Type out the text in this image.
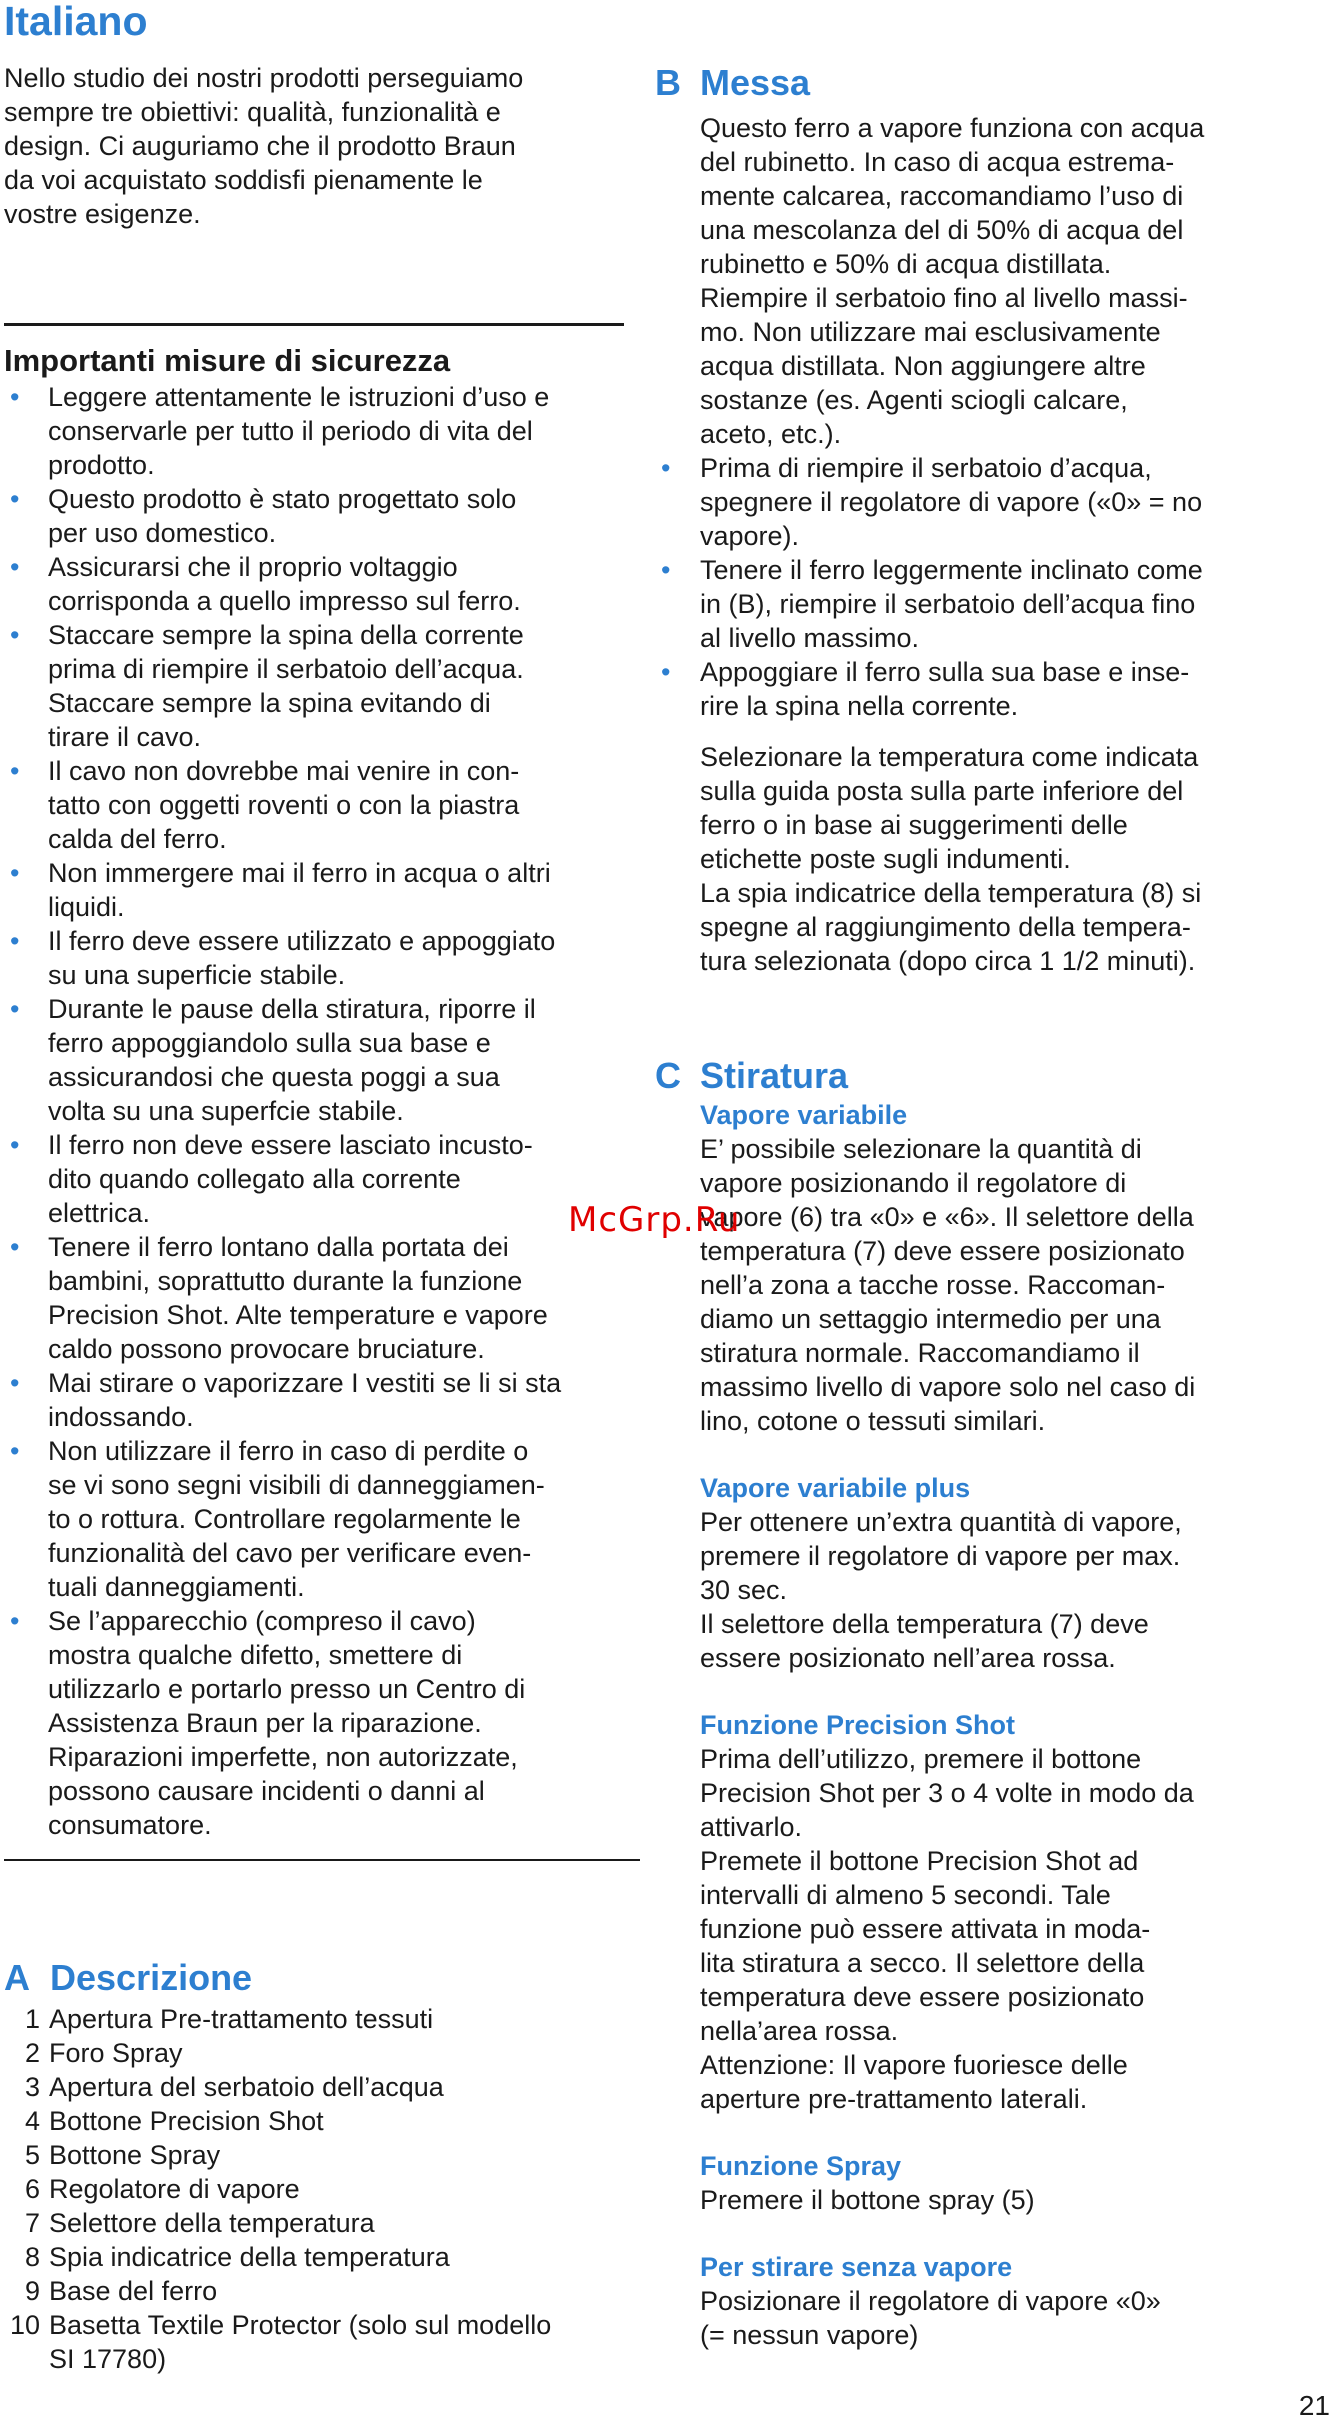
Italiano
Nello studio dei nostri prodotti perseguiamo
sempre tre obiettivi: qualità, funzionalità e
design. Ci auguriamo che il prodotto Braun
da voi acquistato soddisfi pienamente le
vostre esigenze.
Importanti misure di sicurezza
• Leggere attentamente le istruzioni d’uso e
conservarle per tutto il periodo di vita del
prodotto.
• Questo prodotto è stato progettato solo
per uso domestico.
• Assicurarsi che il proprio voltaggio
corrisponda a quello impresso sul ferro.
• Staccare sempre la spina della corrente
prima di riempire il serbatoio dell’acqua.
Staccare sempre la spina evitando di
tirare il cavo.
• Il cavo non dovrebbe mai venire in con-
tatto con oggetti roventi o con la piastra
calda del ferro.
• Non immergere mai il ferro in acqua o altri
liquidi.
• Il ferro deve essere utilizzato e appoggiato
su una superficie stabile.
• Durante le pause della stiratura, riporre il
ferro appoggiandolo sulla sua base e
assicurandosi che questa poggi a sua
volta su una superfcie stabile.
• Il ferro non deve essere lasciato incusto-
dito quando collegato alla corrente
elettrica.
• Tenere il ferro lontano dalla portata dei
bambini, soprattutto durante la funzione
Precision Shot. Alte temperature e vapore
caldo possono provocare bruciature.
• Mai stirare o vaporizzare I vestiti se li si sta
indossando.
• Non utilizzare il ferro in caso di perdite o
se vi sono segni visibili di danneggiamen-
to o rottura. Controllare regolarmente le
funzionalità del cavo per verificare even-
tuali danneggiamenti.
• Se l’apparecchio (compreso il cavo)
mostra qualche difetto, smettere di
utilizzarlo e portarlo presso un Centro di
Assistenza Braun per la riparazione.
Riparazioni imperfette, non autorizzate,
possono causare incidenti o danni al
consumatore.
A Descrizione
1 Apertura Pre-trattamento tessuti
2 Foro Spray
3 Apertura del serbatoio dell’acqua
4 Bottone Precision Shot
5 Bottone Spray
6 Regolatore di vapore
7 Selettore della temperatura
8 Spia indicatrice della temperatura
9 Base del ferro
10 Basetta Textile Protector (solo sul modello
SI 17780)
B Messa
Questo ferro a vapore funziona con acqua
del rubinetto. In caso di acqua estrema-
mente calcarea, raccomandiamo l’uso di
una mescolanza del di 50% di acqua del
rubinetto e 50% di acqua distillata.
Riempire il serbatoio fino al livello massi-
mo. Non utilizzare mai esclusivamente
acqua distillata. Non aggiungere altre
sostanze (es. Agenti sciogli calcare,
aceto, etc.).
• Prima di riempire il serbatoio d’acqua,
spegnere il regolatore di vapore («0» = no
vapore).
• Tenere il ferro leggermente inclinato come
in (B), riempire il serbatoio dell’acqua fino
al livello massimo.
• Appoggiare il ferro sulla sua base e inse-
rire la spina nella corrente.
Selezionare la temperatura come indicata
sulla guida posta sulla parte inferiore del
ferro o in base ai suggerimenti delle
etichette poste sugli indumenti.
La spia indicatrice della temperatura (8) si
spegne al raggiungimento della tempera-
tura selezionata (dopo circa 1 1/2 minuti).
C Stiratura
Vapore variabile
E’ possibile selezionare la quantità di
vapore posizionando il regolatore di
vapore (6) tra «0» e «6». Il selettore della
temperatura (7) deve essere posizionato
nell’a zona a tacche rosse. Raccoman-
diamo un settaggio intermedio per una
stiratura normale. Raccomandiamo il
massimo livello di vapore solo nel caso di
lino, cotone o tessuti similari.
Vapore variabile plus
Per ottenere un’extra quantità di vapore,
premere il regolatore di vapore per max.
30 sec.
Il selettore della temperatura (7) deve
essere posizionato nell’area rossa.
Funzione Precision Shot
Prima dell’utilizzo, premere il bottone
Precision Shot per 3 o 4 volte in modo da
attivarlo.
Premete il bottone Precision Shot ad
intervalli di almeno 5 secondi. Tale
funzione può essere attivata in moda-
lita stiratura a secco. Il selettore della
temperatura deve essere posizionato
nella’area rossa.
Attenzione: Il vapore fuoriesce delle
aperture pre-trattamento laterali.
Funzione Spray
Premere il bottone spray (5)
Per stirare senza vapore
Posizionare il regolatore di vapore «0»
(= nessun vapore)
McGrp.Ru
21
